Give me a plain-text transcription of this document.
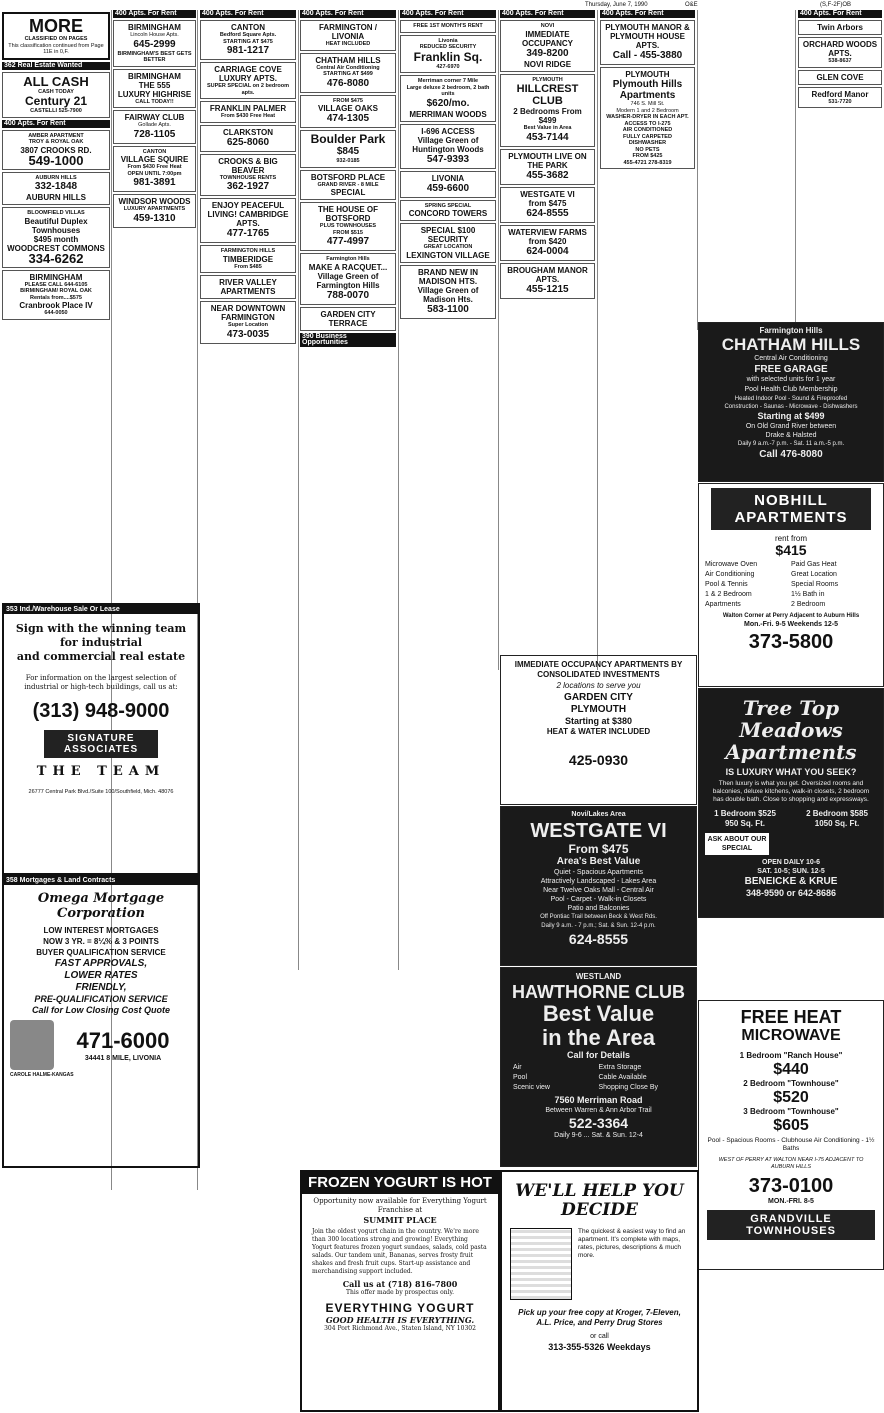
Thursday, June 7, 1990	O&E	(S,F-2F)OB
MORE
CLASSIFIED ON PAGES
This classification continued from Page 11E in 0,F.
362 Real Estate Wanted
ALL CASH
CASH TODAY
Century 21
CASTELLI 525-7900
400 Apts. For Rent
AMBER APARTMENT
TROY & ROYAL OAK
3807 CROOKS RD.
549-1000
AUBURN HILLS
332-1848
AUBURN HILLS
BLOOMFIELD VILLAS
Beautiful Duplex Townhouses
$495 month
WOODCREST COMMONS
334-6262
BIRMINGHAM
PLEASE CALL 644-6105
BIRMINGHAM/ ROYAL OAK
Rentals from....$575
Cranbrook Place IV
644-0050
400 Apts. For Rent
BIRMINGHAM
Lincoln House Apts.
645-2999
BIRMINGHAM'S BEST GETS BETTER
BIRMINGHAM
THE 555
LUXURY HIGHRISE
CALL TODAY!!
FAIRWAY CLUB
Gollade Apts.
728-1105
CANTON
VILLAGE SQUIRE
From $430 Free Heat
OPEN UNTIL 7:00pm
981-3891
WINDSOR WOODS
LUXURY APARTMENTS
459-1310
400 Apts. For Rent
CANTON
Bedford Square Apts.
STARTING AT $475
981-1217
CARRIAGE COVE LUXURY APTS.
SUPER SPECIAL on 2 bedroom apts.
FRANKLIN PALMER
From $430 Free Heat
CLARKSTON
625-8060
CROOKS & BIG BEAVER
TOWNHOUSE RENTS
362-1927
ENJOY PEACEFUL LIVING! CAMBRIDGE APTS.
477-1765
FARMINGTON HILLS
TIMBERIDGE
From $485
RIVER VALLEY APARTMENTS
NEAR DOWNTOWN FARMINGTON
Super Location
473-0035
400 Apts. For Rent
FARMINGTON / LIVONIA
HEAT INCLUDED
CHATHAM HILLS
Central Air Conditioning
STARTING AT $499
476-8080
FROM $475
VILLAGE OAKS
474-1305
Boulder Park
$845
932-0185
BOTSFORD PLACE
GRAND RIVER - 8 MILE
SPECIAL
THE HOUSE OF BOTSFORD
PLUS TOWNHOUSES
FROM $515
477-4997
Farmington Hills
MAKE A RACQUET...
Village Green of Farmington Hills
788-0070
GARDEN CITY TERRACE
390 Business Opportunities
400 Apts. For Rent
FREE 1ST MONTH'S RENT
Livonia
REDUCED SECURITY
Franklin Sq.
427-6970
Merriman corner 7 Mile
Large deluxe 2 bedroom, 2 bath units
$620/mo.
MERRIMAN WOODS
I-696 ACCESS
Village Green of Huntington Woods
547-9393
LIVONIA
459-6600
SPRING SPECIAL
CONCORD TOWERS
SPECIAL $100 SECURITY
GREAT LOCATION
LEXINGTON VILLAGE
BRAND NEW IN MADISON HTS.
Village Green of Madison Hts.
583-1100
400 Apts. For Rent
NOVI
IMMEDIATE OCCUPANCY
349-8200
NOVI RIDGE
PLYMOUTH
HILLCREST CLUB
2 Bedrooms From $499
Best Value in Area
453-7144
PLYMOUTH LIVE ON THE PARK
455-3682
WESTGATE VI
from $475
624-8555
WATERVIEW FARMS
from $420
624-0004
BROUGHAM MANOR APTS.
455-1215
400 Apts. For Rent
PLYMOUTH MANOR & PLYMOUTH HOUSE APTS.
Call - 455-3880
PLYMOUTH
Plymouth Hills Apartments
746 S. Mill St.
Modern 1 and 2 Bedroom
WASHER-DRYER IN EACH APT.
ACCESS TO I-275
AIR CONDITIONED
FULLY CARPETED
DISHWASHER
NO PETS
FROM $425
455-4721 278-8319
400 Apts. For Rent
Twin Arbors
ORCHARD WOODS APTS.
538-8637
GLEN COVE
Redford Manor
531-7720
Farmington Hills
CHATHAM HILLS
Central Air Conditioning
FREE GARAGE
with selected units for 1 year
Pool Health Club Membership
Heated Indoor Pool - Sound & Fireproofed
Construction - Saunas - Microwave - Dishwashers
Starting at $499
On Old Grand River between
Drake & Halsted
Daily 9 a.m.-7 p.m. - Sat. 11 a.m.-5 p.m.
Call 476-8080
NOBHILL APARTMENTS
rent from
$415
Microwave Oven	Paid Gas Heat
Air Conditioning	Great Location
Pool & Tennis	Special Rooms
1 & 2 Bedroom	1½ Bath in
Apartments	2 Bedroom
Walton Corner at Perry Adjacent to Auburn Hills
Mon.-Fri. 9-5 Weekends 12-5
373-5800
IMMEDIATE OCCUPANCY APARTMENTS BY CONSOLIDATED INVESTMENTS
2 locations to serve you
GARDEN CITY
PLYMOUTH
Starting at $380
HEAT & WATER INCLUDED
425-0930
Tree Top Meadows Apartments
IS LUXURY WHAT YOU SEEK?
Then luxury is what you get. Oversized rooms and balconies, deluxe kitchens, walk-in closets, 2 bedroom has double bath. Close to shopping and expressways.
1 Bedroom $525	2 Bedroom $585
950 Sq. Ft.	1050 Sq. Ft.
ASK ABOUT OUR SPECIAL
OPEN DAILY 10-6
SAT. 10-5; SUN. 12-5
BENEICKE & KRUE
348-9590 or 642-8686
Novi/Lakes Area
WESTGATE VI
From $475
Area's Best Value
Quiet - Spacious Apartments
Attractively Landscaped - Lakes Area
Near Twelve Oaks Mall - Central Air
Pool - Carpet - Walk-in Closets
Patio and Balconies
Off Pontiac Trail between Beck & West Rds.
Daily 9 a.m. - 7 p.m.; Sat. & Sun. 12-4 p.m.
624-8555
WESTLAND
HAWTHORNE CLUB
Best Value
in the Area
Call for Details
Air	Extra Storage
Pool	Cable Available
Scenic view	Shopping Close By
7560 Merriman Road
Between Warren & Ann Arbor Trail
522-3364
Daily 9-6 ... Sat. & Sun. 12-4
FREE HEAT
MICROWAVE
1 Bedroom "Ranch House"
$440
2 Bedroom "Townhouse"
$520
3 Bedroom "Townhouse"
$605
Pool - Spacious Rooms - Clubhouse Air Conditioning - 1½ Baths
WEST OF PERRY AT WALTON NEAR I-75 ADJACENT TO AUBURN HILLS
373-0100
MON.-FRI. 8-5
GRANDVILLE TOWNHOUSES
353 Ind./Warehouse Sale Or Lease
Sign with the winning team
for industrial
and commercial real estate
For information on the largest selection of industrial or high-tech buildings, call us at:
(313) 948-9000
SIGNATURE ASSOCIATES
THE TEAM
26777 Central Park Blvd./Suite 100/Southfield, Mich. 48076
358 Mortgages & Land Contracts
Omega Mortgage Corporation
LOW INTEREST MORTGAGES
NOW 3 YR. = 8¼% & 3 POINTS
BUYER QUALIFICATION SERVICE
FAST APPROVALS,
LOWER RATES
FRIENDLY,
PRE-QUALIFICATION SERVICE
Call for Low Closing Cost Quote
471-6000
34441 8 MILE, LIVONIA
CAROLE HALME-KANGAS
FROZEN YOGURT IS HOT
Opportunity now available for Everything Yogurt Franchise at
SUMMIT PLACE
Join the oldest yogurt chain in the country. We're more than 300 locations strong and growing! Everything Yogurt features frozen yogurt sundaes, salads, cold pasta salads. Our tandem unit, Bananas, serves frosty fruit shakes and fresh fruit cups. Start-up assistance and merchandising support included.
Call us at (718) 816-7800
This offer made by prospectus only.
EVERYTHING YOGURT
GOOD HEALTH IS EVERYTHING.
304 Port Richmond Ave., Staten Island, NY 10302
WE'LL HELP YOU DECIDE
The quickest & easiest way to find an apartment. It's complete with maps, rates, pictures, descriptions & much more.
Pick up your free copy at Kroger, 7-Eleven, A.L. Price, and Perry Drug Stores
or call
313-355-5326 Weekdays
